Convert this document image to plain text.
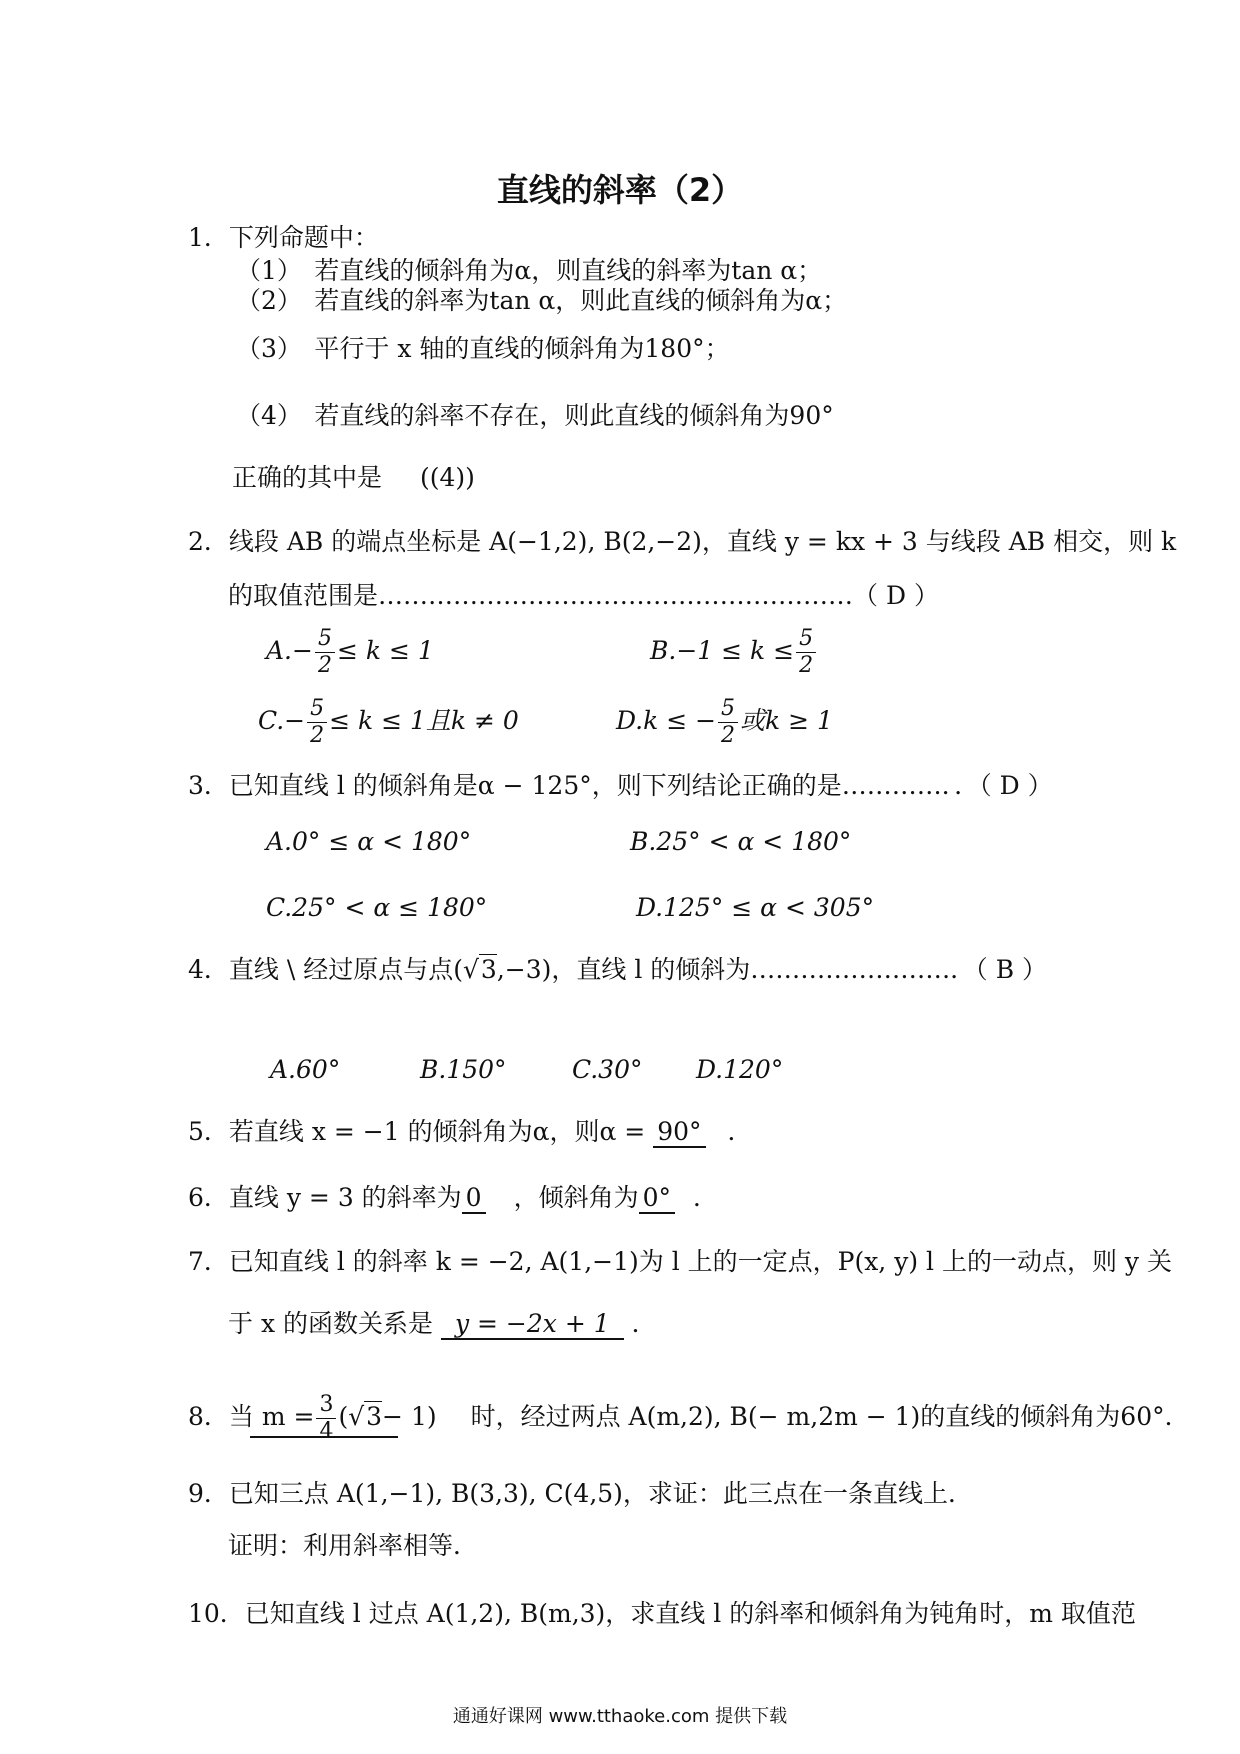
直线的斜率（2）
1．下列命题中：
（1）　若直线的倾斜角为α，则直线的斜率为tan α；
（2）　若直线的斜率为tan α，则此直线的倾斜角为α；
（3）　平行于 x 轴的直线的倾斜角为180°；
（4）　若直线的斜率不存在，则此直线的倾斜角为90°
正确的其中是 ((4))
2．线段 AB 的端点坐标是 A(−1,2), B(2,−2)，直线 y = kx + 3 与线段 AB 相交，则 k
的取值范围是…………………………………………………（ D ）
$A.- \frac{5}{2} \le k \le 1$	$B.-1 \le k \le \frac{5}{2}$
$C.- \frac{5}{2} \le k \le 1$且k ≠ 0	D.k ≤ − $\frac{5}{2}$ 或k ≥ 1
3．已知直线 l 的倾斜角是α − 125°，则下列结论正确的是…………．．（ D ）
A.0° ≤ α < 180°	B.25° < α < 180°
C.25° < α ≤ 180°	D.125° ≤ α < 305°
4．直线 \ 经过原点与点(√3,−3)，直线 l 的倾斜为……………………．（ B ）
A.60°	B.150°	C.30° D.120°
5．若直线 x = −1 的倾斜角为α，则α = 90° ．
6．直线 y = 3 的斜率为 0 ，倾斜角为 0° ．
7．已知直线 l 的斜率 k = −2, A(1,−1)为 l 上的一定点，P(x, y) l 上的一动点，则 y 关
于 x 的函数关系是 y = −2x + 1 ．
8．当 $m = \frac{3}{4} (√3- 1)$ 时，经过两点 A(m,2), B(− m,2m − 1)的直线的倾斜角为60°．
9．已知三点 A(1,−1), B(3,3), C(4,5)，求证：此三点在一条直线上．
证明：利用斜率相等．
10．已知直线 l 过点 A(1,2), B(m,3)，求直线 l 的斜率和倾斜角为钝角时，m 取值范
通通好课网 www.tthaoke.com 提供下载
